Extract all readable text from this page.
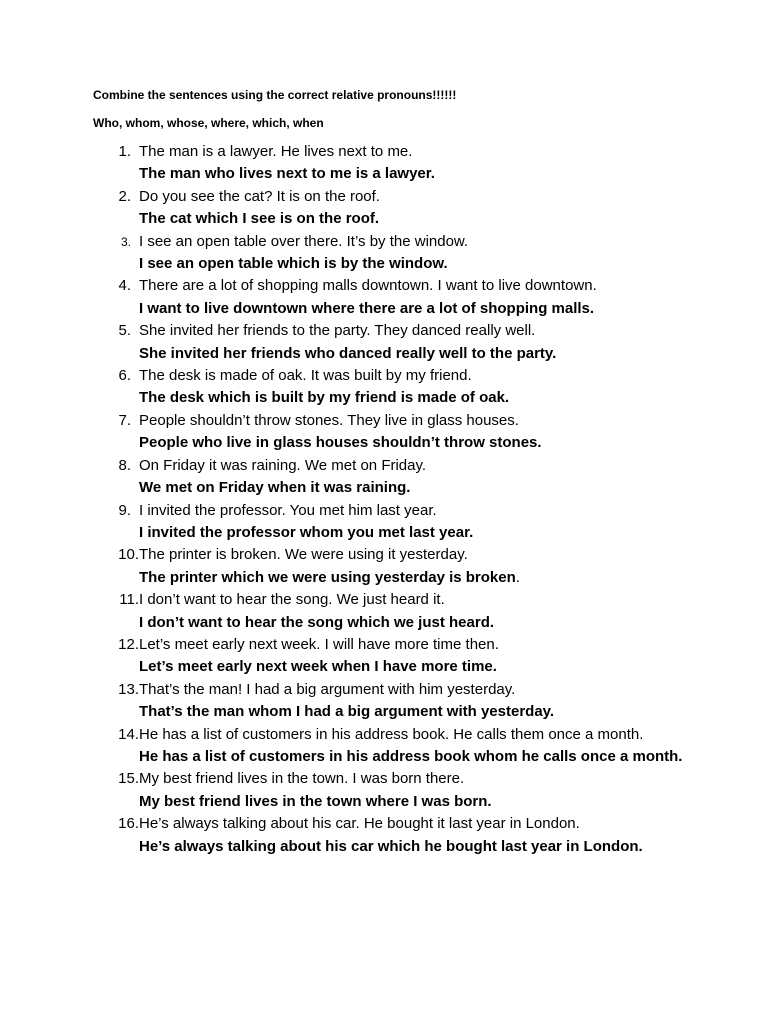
Combine the sentences using the correct relative pronouns!!!!!!
Who, whom, whose, where, which, when
1. The man is a lawyer. He lives next to me.
The man who lives next to me is a lawyer.
2. Do you see the cat? It is on the roof.
The cat which I see is on the roof.
3. I see an open table over there. It’s by the window.
I see an open table which is by the window.
4. There are a lot of shopping malls downtown. I want to live downtown.
I want to live downtown where there are a lot of shopping malls.
5. She invited her friends to the party. They danced really well.
She invited her friends who danced really well to the party.
6. The desk is made of oak. It was built by my friend.
The desk which is built by my friend is made of oak.
7. People shouldn’t throw stones. They live in glass houses.
People who live in glass houses shouldn’t throw stones.
8. On Friday it was raining. We met on Friday.
We met on Friday when it was raining.
9. I invited the professor. You met him last year.
I invited the professor whom you met last year.
10. The printer is broken. We were using it yesterday.
The printer which we were using yesterday is broken.
11. I don’t want to hear the song. We just heard it.
I don’t want to hear the song which we just heard.
12. Let’s meet early next week. I will have more time then.
Let’s meet early next week when I have more time.
13. That’s the man! I had a big argument with him yesterday.
That’s the man whom I had a big argument with yesterday.
14. He has a list of customers in his address book. He calls them once a month.
He has a list of customers in his address book whom he calls once a month.
15. My best friend lives in the town. I was born there.
My best friend lives in the town where I was born.
16. He’s always talking about his car. He bought it last year in London.
He’s always talking about his car which he bought last year in London.
